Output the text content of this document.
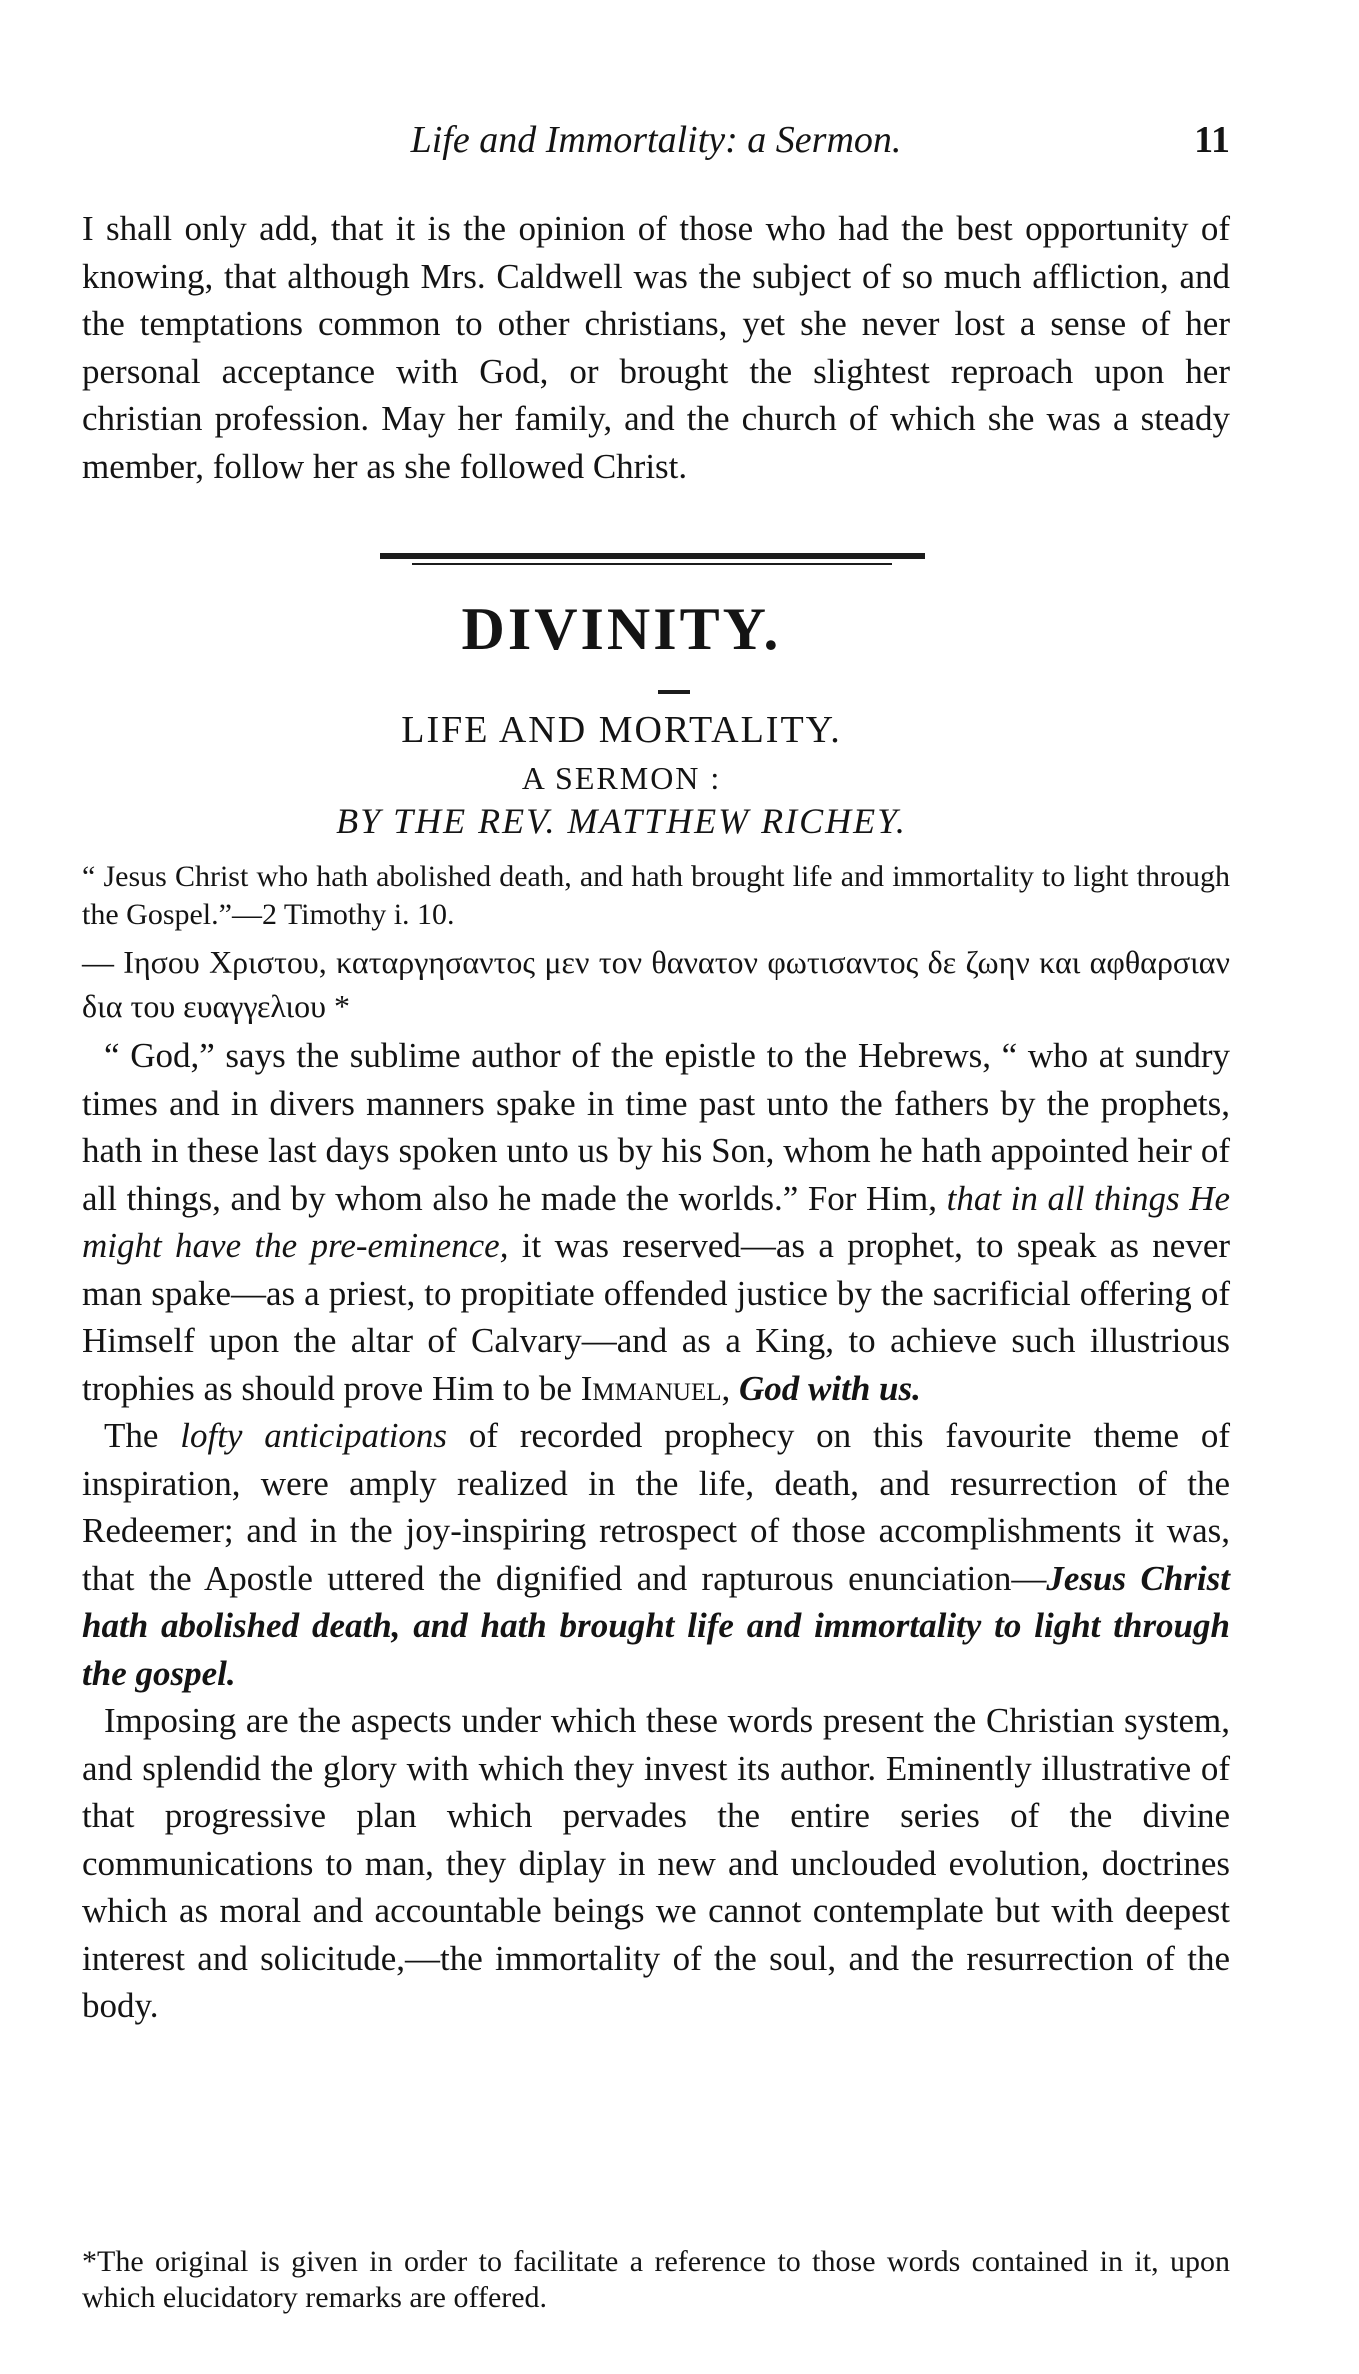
Life and Immortality: a Sermon.	11

I shall only add, that it is the opinion of those who had the best opportunity of knowing, that although Mrs. Caldwell was the subject of so much affliction, and the temptations common to other christians, yet she never lost a sense of her personal acceptance with God, or brought the slightest reproach upon her christian profession. May her family, and the church of which she was a steady member, follow her as she followed Christ.

DIVINITY.
LIFE AND MORTALITY.
A SERMON :
BY THE REV. MATTHEW RICHEY.
“ Jesus Christ who hath abolished death, and hath brought life and immortality to light through the Gospel.”—2 Timothy i. 10.
— Ιησου Χριστου, καταργησαντος μεν τον θανατον φωτισαντος δε ζωην και αφθαρσιαν δια του ευαγγελιου *

“ God,” says the sublime author of the epistle to the Hebrews, “ who at sundry times and in divers manners spake in time past unto the fathers by the prophets, hath in these last days spoken unto us by his Son, whom he hath appointed heir of all things, and by whom also he made the worlds.” For Him, that in all things He might have the pre-eminence, it was reserved—as a prophet, to speak as never man spake—as a priest, to propitiate offended justice by the sacrificial offering of Himself upon the altar of Calvary—and as a King, to achieve such illustrious trophies as should prove Him to be Immanuel, God with us.

The lofty anticipations of recorded prophecy on this favourite theme of inspiration, were amply realized in the life, death, and resurrection of the Redeemer; and in the joy-inspiring retrospect of those accomplishments it was, that the Apostle uttered the dignified and rapturous enunciation—Jesus Christ hath abolished death, and hath brought life and immortality to light through the gospel.

Imposing are the aspects under which these words present the Christian system, and splendid the glory with which they invest its author. Eminently illustrative of that progressive plan which pervades the entire series of the divine communications to man, they diplay in new and unclouded evolution, doctrines which as moral and accountable beings we cannot contemplate but with deepest interest and solicitude,—the immortality of the soul, and the resurrection of the body.

*The original is given in order to facilitate a reference to those words contained in it, upon which elucidatory remarks are offered.
